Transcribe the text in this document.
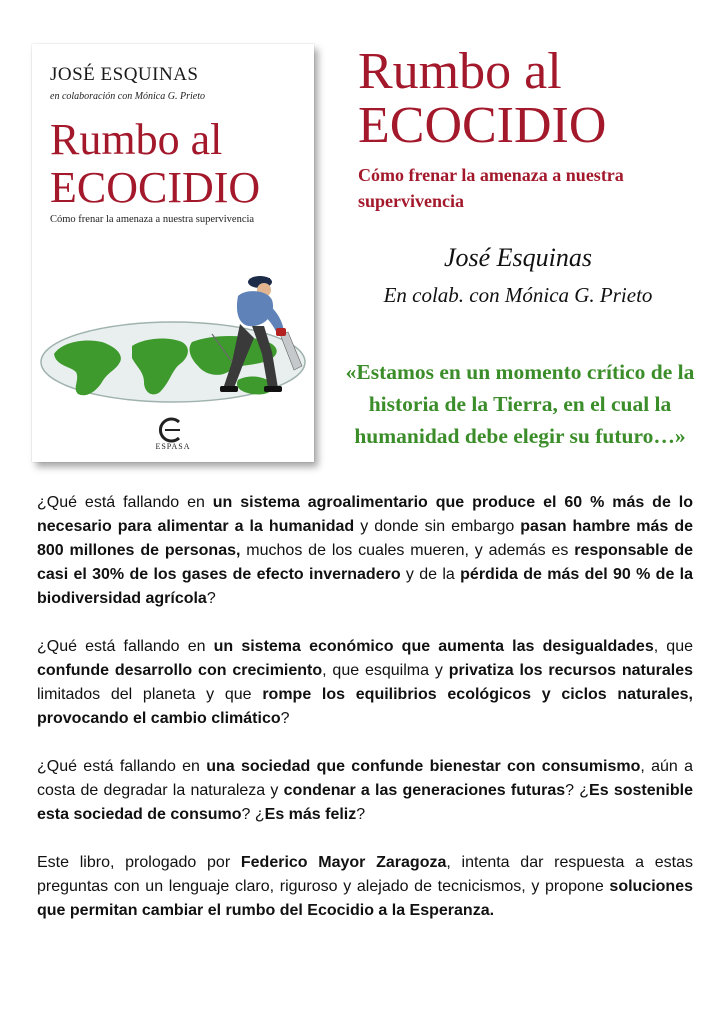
JOSÉ ESQUINAS
en colaboración con Mónica G. Prieto
Rumbo al
ECOCIDIO
Cómo frenar la amenaza a nuestra supervivencia
ESPASA
Rumbo al
ECOCIDIO
Cómo frenar la amenaza a nuestra supervivencia
José Esquinas
En colab. con Mónica G. Prieto
«Estamos en un momento crítico de la historia de la Tierra, en el cual la humanidad debe elegir su futuro…»

¿Qué está fallando en un sistema agroalimentario que produce el 60 % más de lo necesario para alimentar a la humanidad y donde sin embargo pasan hambre más de 800 millones de personas, muchos de los cuales mueren, y además es responsable de casi el 30% de los gases de efecto invernadero y de la pérdida de más del 90 % de la biodiversidad agrícola?

¿Qué está fallando en un sistema económico que aumenta las desigualdades, que confunde desarrollo con crecimiento, que esquilma y privatiza los recursos naturales limitados del planeta y que rompe los equilibrios ecológicos y ciclos naturales, provocando el cambio climático?

¿Qué está fallando en una sociedad que confunde bienestar con consumismo, aún a costa de degradar la naturaleza y condenar a las generaciones futuras? ¿Es sostenible esta sociedad de consumo? ¿Es más feliz?

Este libro, prologado por Federico Mayor Zaragoza, intenta dar respuesta a estas preguntas con un lenguaje claro, riguroso y alejado de tecnicismos, y propone soluciones que permitan cambiar el rumbo del Ecocidio a la Esperanza.
